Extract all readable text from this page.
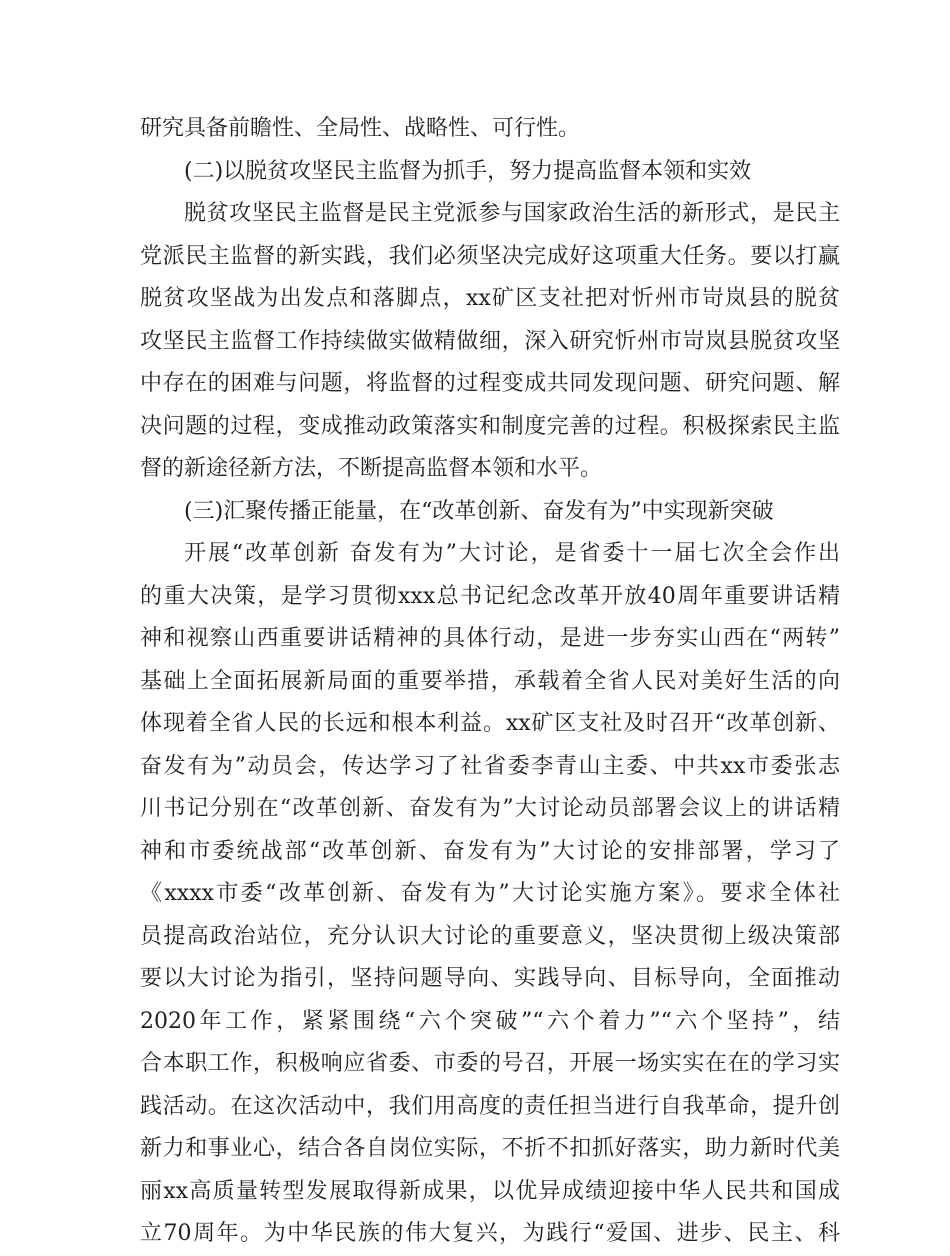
研究具备前瞻性、全局性、战略性、可行性。
(二)以脱贫攻坚民主监督为抓手，努力提高监督本领和实效
脱贫攻坚民主监督是民主党派参与国家政治生活的新形式，是民主
党派民主监督的新实践，我们必须坚决完成好这项重大任务。要以打赢
脱贫攻坚战为出发点和落脚点，xx矿区支社把对忻州市岢岚县的脱贫
攻坚民主监督工作持续做实做精做细，深入研究忻州市岢岚县脱贫攻坚
中存在的困难与问题，将监督的过程变成共同发现问题、研究问题、解
决问题的过程，变成推动政策落实和制度完善的过程。积极探索民主监
督的新途径新方法，不断提高监督本领和水平。
(三)汇聚传播正能量，在“改革创新、奋发有为”中实现新突破
开展“改革创新 奋发有为”大讨论，是省委十一届七次全会作出
的重大决策，是学习贯彻xxx总书记纪念改革开放40周年重要讲话精
神和视察山西重要讲话精神的具体行动，是进一步夯实山西在“两转”
基础上全面拓展新局面的重要举措，承载着全省人民对美好生活的向
体现着全省人民的长远和根本利益。xx矿区支社及时召开“改革创新、
奋发有为”动员会，传达学习了社省委李青山主委、中共xx市委张志
川书记分别在“改革创新、奋发有为”大讨论动员部署会议上的讲话精
神和市委统战部“改革创新、奋发有为”大讨论的安排部署，学习了
《xxxx市委“改革创新、奋发有为”大讨论实施方案》。要求全体社
员提高政治站位，充分认识大讨论的重要意义，坚决贯彻上级决策部
要以大讨论为指引，坚持问题导向、实践导向、目标导向，全面推动
2020年工作，紧紧围绕“六个突破”“六个着力”“六个坚持”，结
合本职工作，积极响应省委、市委的号召，开展一场实实在在的学习实
践活动。在这次活动中，我们用高度的责任担当进行自我革命，提升创
新力和事业心，结合各自岗位实际，不折不扣抓好落实，助力新时代美
丽xx高质量转型发展取得新成果，以优异成绩迎接中华人民共和国成
立70周年。为中华民族的伟大复兴，为践行“爱国、进步、民主、科
